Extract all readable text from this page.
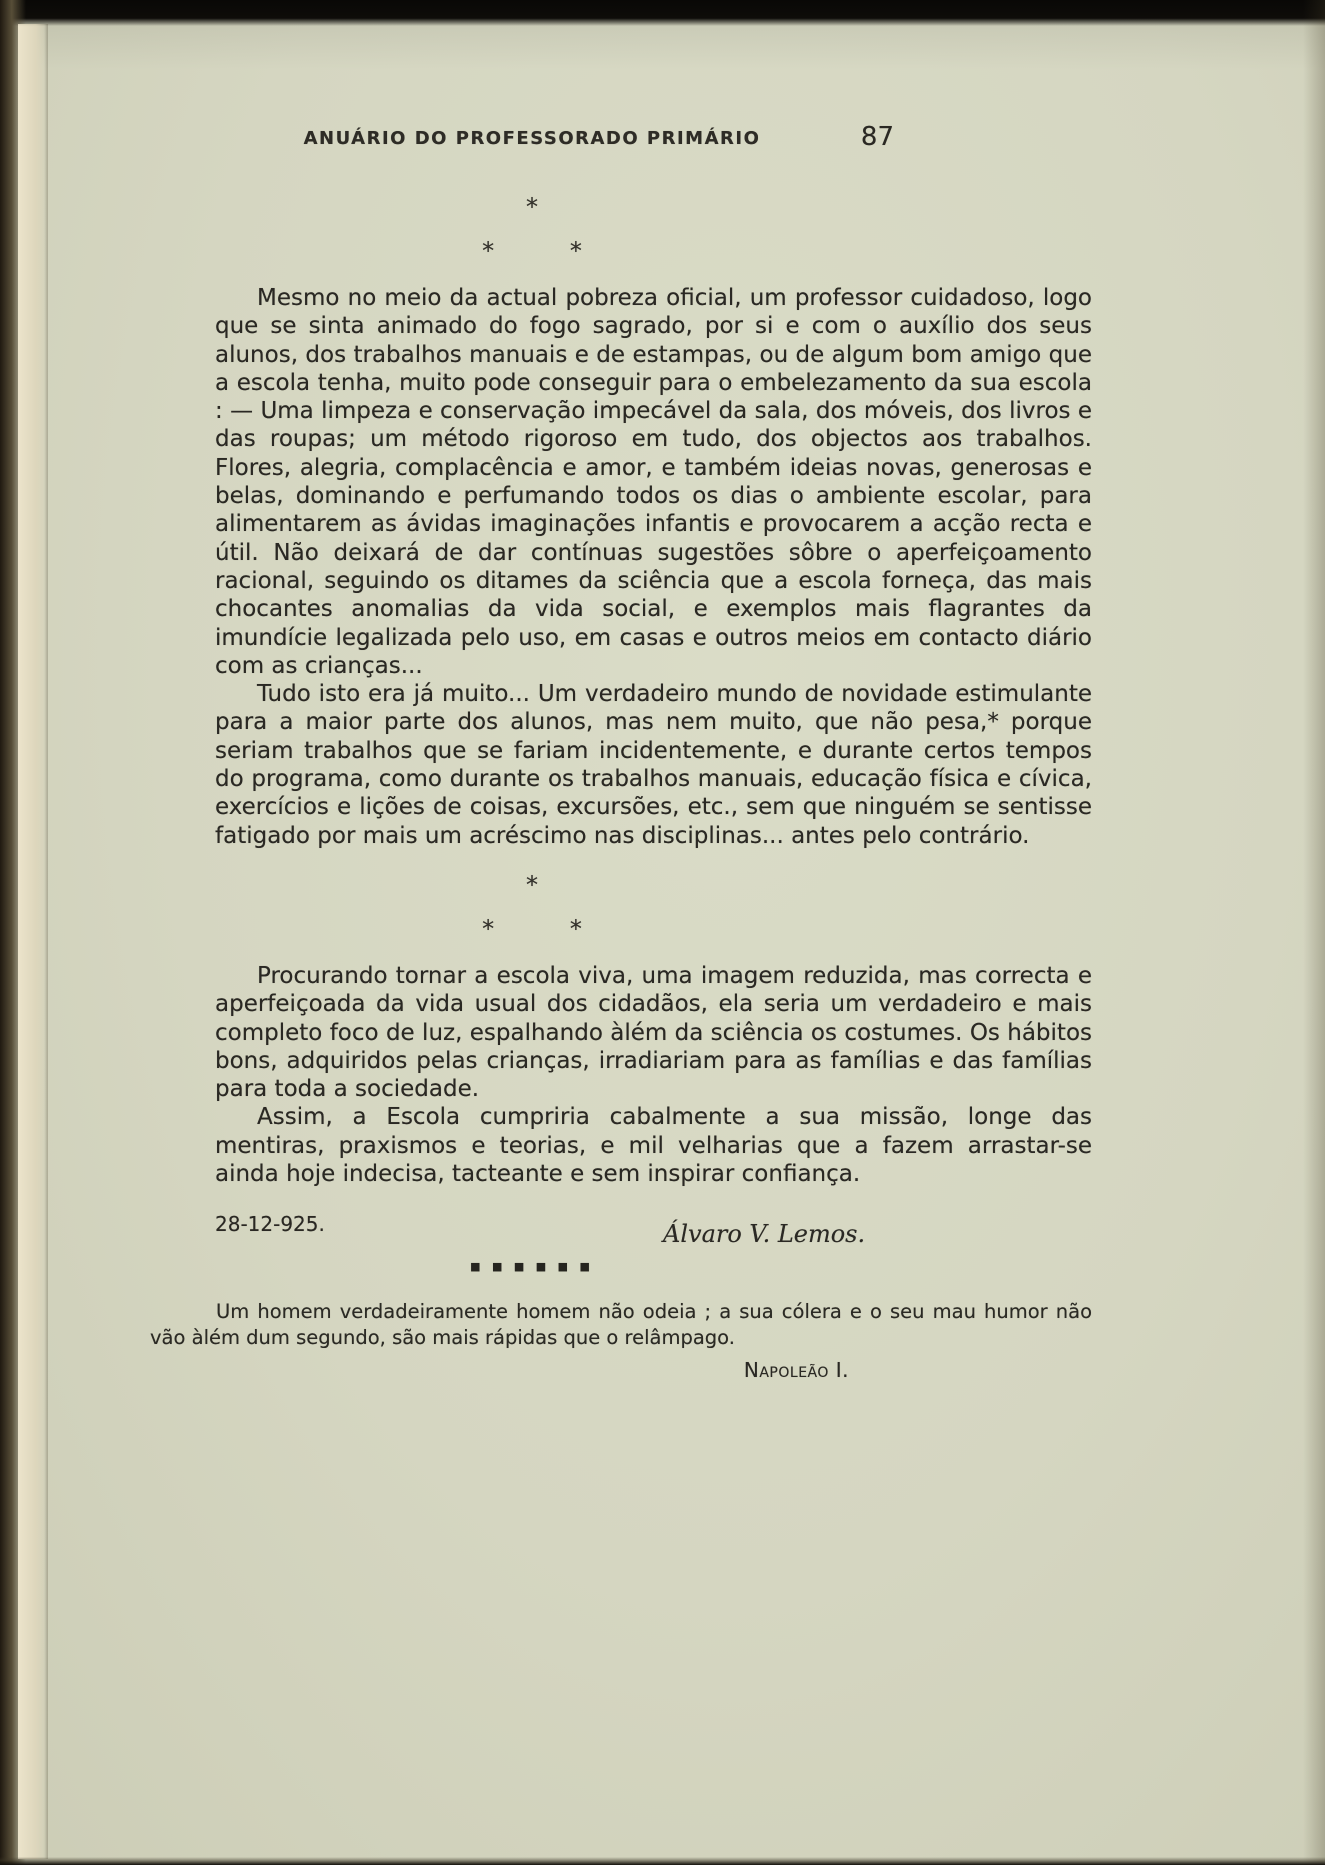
ANUÁRIO DO PROFESSORADO PRIMÁRIO	87
*
*	*

Mesmo no meio da actual pobreza oficial, um professor cuidadoso, logo que se sinta animado do fogo sagrado, por si e com o auxílio dos seus alunos, dos trabalhos manuais e de estampas, ou de algum bom amigo que a escola tenha, muito pode conseguir para o embelezamento da sua escola : — Uma limpeza e conservação impecável da sala, dos móveis, dos livros e das roupas; um método rigoroso em tudo, dos objectos aos trabalhos. Flores, alegria, complacência e amor, e também ideias novas, generosas e belas, dominando e perfumando todos os dias o ambiente escolar, para alimentarem as ávidas imaginações infantis e provocarem a acção recta e útil. Não deixará de dar contínuas sugestões sôbre o aperfeiçoamento racional, seguindo os ditames da sciência que a escola forneça, das mais chocantes anomalias da vida social, e exemplos mais flagrantes da imundície legalizada pelo uso, em casas e outros meios em contacto diário com as crianças...

Tudo isto era já muito... Um verdadeiro mundo de novidade estimulante para a maior parte dos alunos, mas nem muito, que não pesa,* porque seriam trabalhos que se fariam incidentemente, e durante certos tempos do programa, como durante os trabalhos manuais, educação física e cívica, exercícios e lições de coisas, excursões, etc., sem que ninguém se sentisse fatigado por mais um acréscimo nas disciplinas... antes pelo contrário.

*
*	*

Procurando tornar a escola viva, uma imagem reduzida, mas correcta e aperfeiçoada da vida usual dos cidadãos, ela seria um verdadeiro e mais completo foco de luz, espalhando àlém da sciência os costumes. Os hábitos bons, adquiridos pelas crianças, irradiariam para as famílias e das famílias para toda a sociedade.

Assim, a Escola cumpriria cabalmente a sua missão, longe das mentiras, praxismos e teorias, e mil velharias que a fazem arrastar-se ainda hoje indecisa, tacteante e sem inspirar confiança.

28-12-925.	Álvaro V. Lemos.
■ ■ ■ ■ ■ ■

Um homem verdadeiramente homem não odeia ; a sua cólera e o seu mau humor não vão àlém dum segundo, são mais rápidas que o relâmpago.

Napoleão I.
